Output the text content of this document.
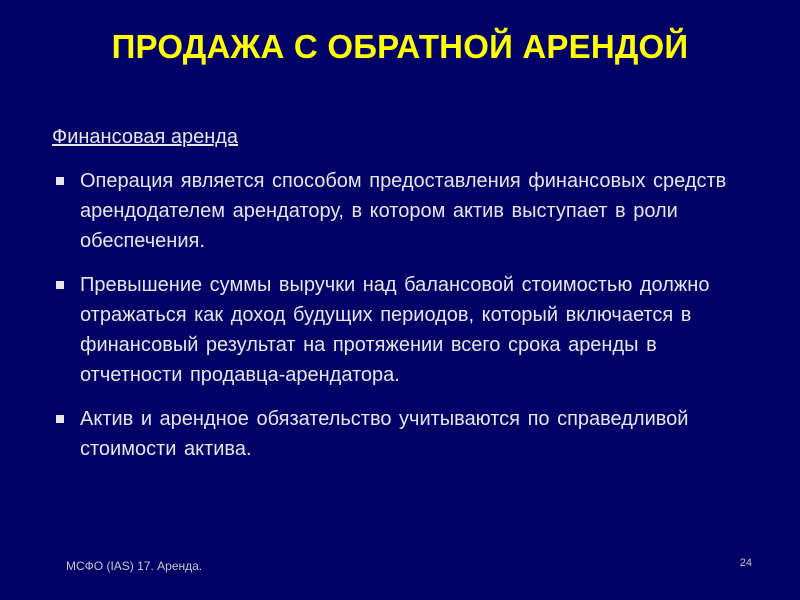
ПРОДАЖА С ОБРАТНОЙ АРЕНДОЙ
Финансовая аренда
Операция является способом предоставления финансовых средств арендодателем арендатору, в котором актив выступает в роли обеспечения.
Превышение суммы выручки над балансовой стоимостью должно отражаться как доход будущих периодов, который включается в финансовый результат на протяжении всего срока аренды в отчетности продавца-арендатора.
Актив и арендное обязательство учитываются по справедливой стоимости актива.
МСФО (IAS) 17. Аренда.	24
